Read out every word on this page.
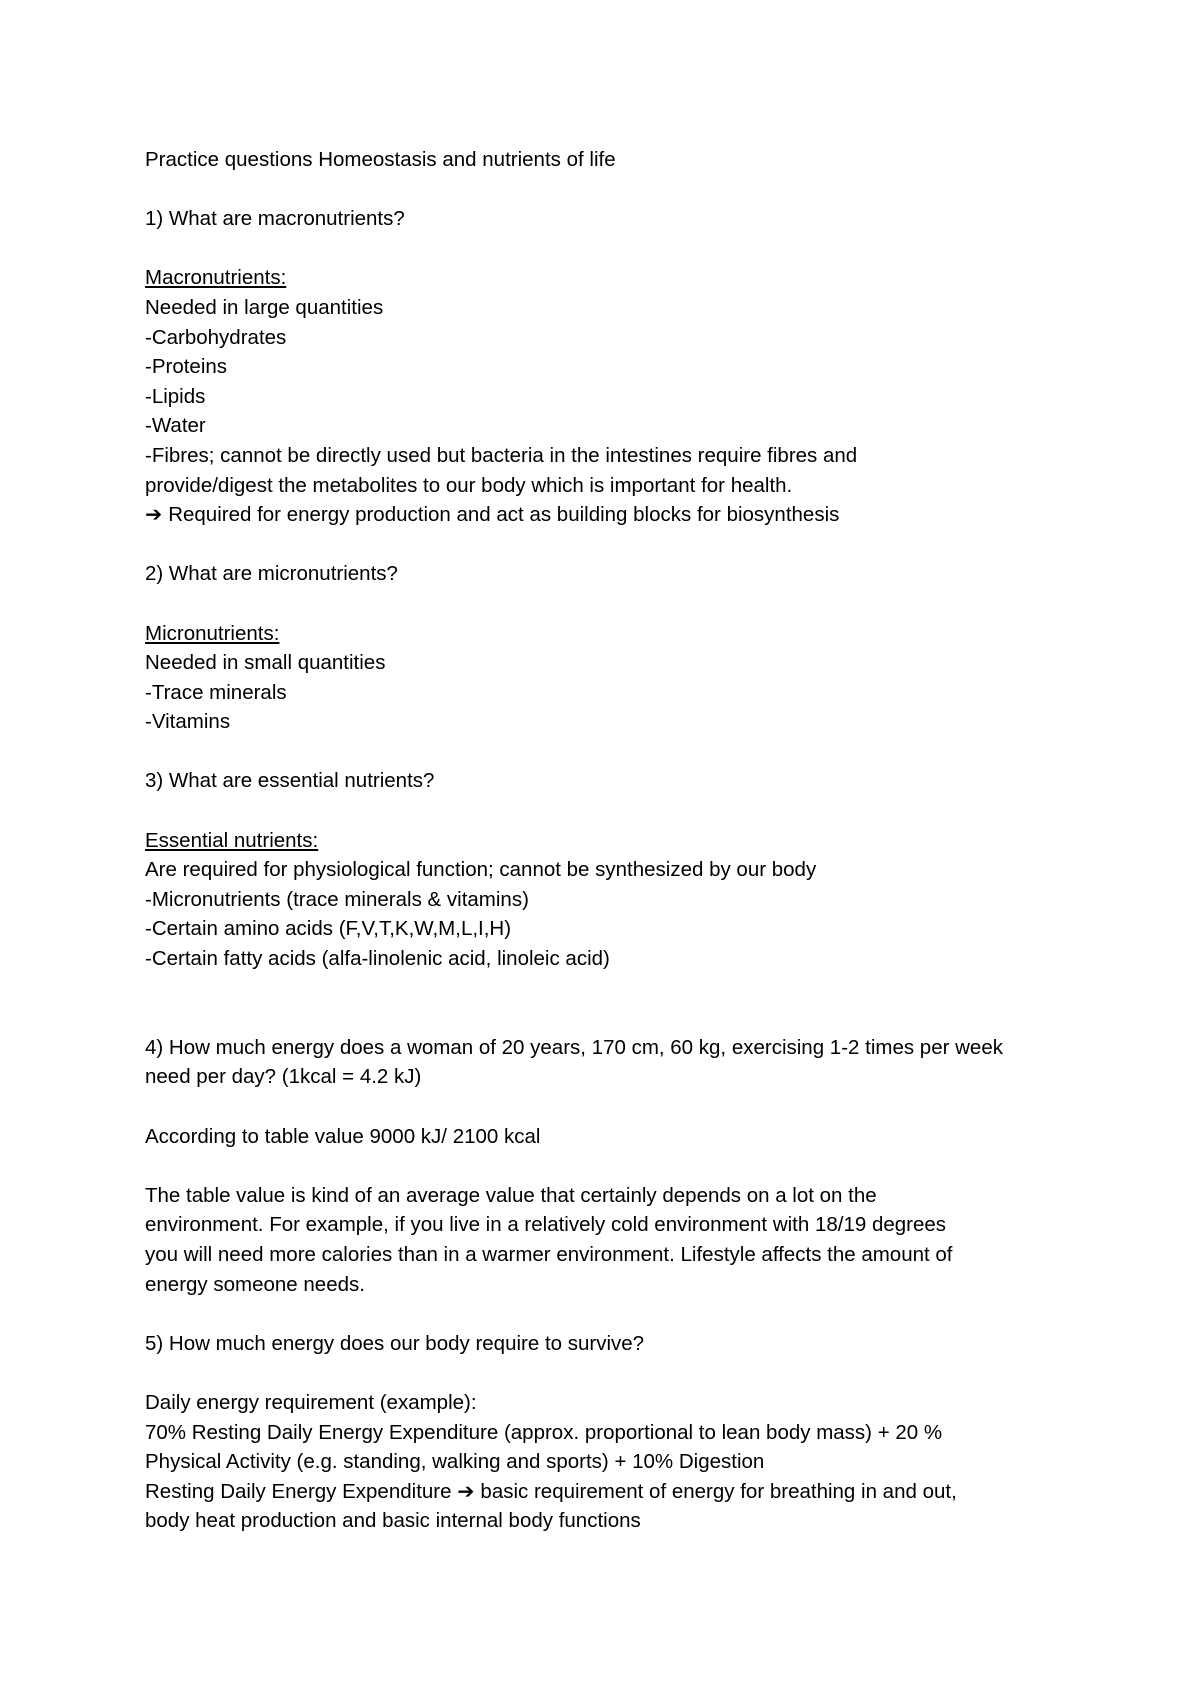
Practice questions Homeostasis and nutrients of life
1) What are macronutrients?
Macronutrients:
Needed in large quantities
-Carbohydrates
-Proteins
-Lipids
-Water
-Fibres; cannot be directly used but bacteria in the intestines require fibres and
provide/digest the metabolites to our body which is important for health.
➔ Required for energy production and act as building blocks for biosynthesis
2) What are micronutrients?
Micronutrients:
Needed in small quantities
-Trace minerals
-Vitamins
3) What are essential nutrients?
Essential nutrients:
Are required for physiological function; cannot be synthesized by our body
-Micronutrients (trace minerals & vitamins)
-Certain amino acids (F,V,T,K,W,M,L,I,H)
-Certain fatty acids (alfa-linolenic acid, linoleic acid)
4) How much energy does a woman of 20 years, 170 cm, 60 kg, exercising 1-2 times per week
need per day? (1kcal = 4.2 kJ)
According to table value 9000 kJ/ 2100 kcal
The table value is kind of an average value that certainly depends on a lot on the
environment. For example, if you live in a relatively cold environment with 18/19 degrees
you will need more calories than in a warmer environment. Lifestyle affects the amount of
energy someone needs.
5) How much energy does our body require to survive?
Daily energy requirement (example):
70% Resting Daily Energy Expenditure (approx. proportional to lean body mass) + 20 %
Physical Activity (e.g. standing, walking and sports) + 10% Digestion
Resting Daily Energy Expenditure ➔ basic requirement of energy for breathing in and out,
body heat production and basic internal body functions
